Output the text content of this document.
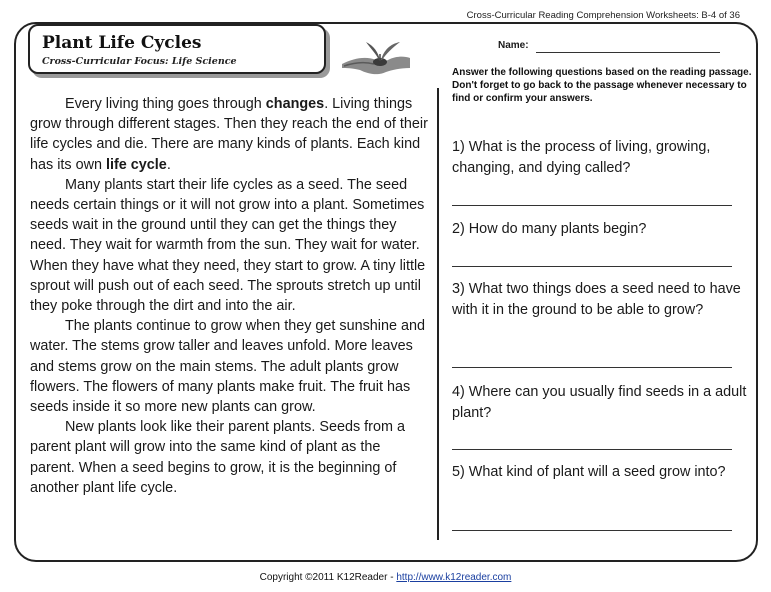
Cross-Curricular Reading Comprehension Worksheets: B-4 of 36
Plant Life Cycles
Cross-Curricular Focus: Life Science

Every living thing goes through changes. Living things grow through different stages. Then they reach the end of their life cycles and die. There are many kinds of plants. Each kind has its own life cycle.

Many plants start their life cycles as a seed. The seed needs certain things or it will not grow into a plant. Sometimes seeds wait in the ground until they can get the things they need. They wait for warmth from the sun. They wait for water. When they have what they need, they start to grow. A tiny little sprout will push out of each seed. The sprouts stretch up until they poke through the dirt and into the air.

The plants continue to grow when they get sunshine and water. The stems grow taller and leaves unfold. More leaves and stems grow on the main stems. The adult plants grow flowers. The flowers of many plants make fruit. The fruit has seeds inside it so more new plants can grow.

New plants look like their parent plants. Seeds from a parent plant will grow into the same kind of plant as the parent. When a seed begins to grow, it is the beginning of another plant life cycle.

Name:
Answer the following questions based on the reading passage. Don't forget to go back to the passage whenever necessary to find or confirm your answers.
1) What is the process of living, growing, changing, and dying called?
2) How do many plants begin?
3) What two things does a seed need to have with it in the ground to be able to grow?
4) Where can you usually find seeds in a adult plant?
5) What kind of plant will a seed grow into?
Copyright ©2011 K12Reader - http://www.k12reader.com
